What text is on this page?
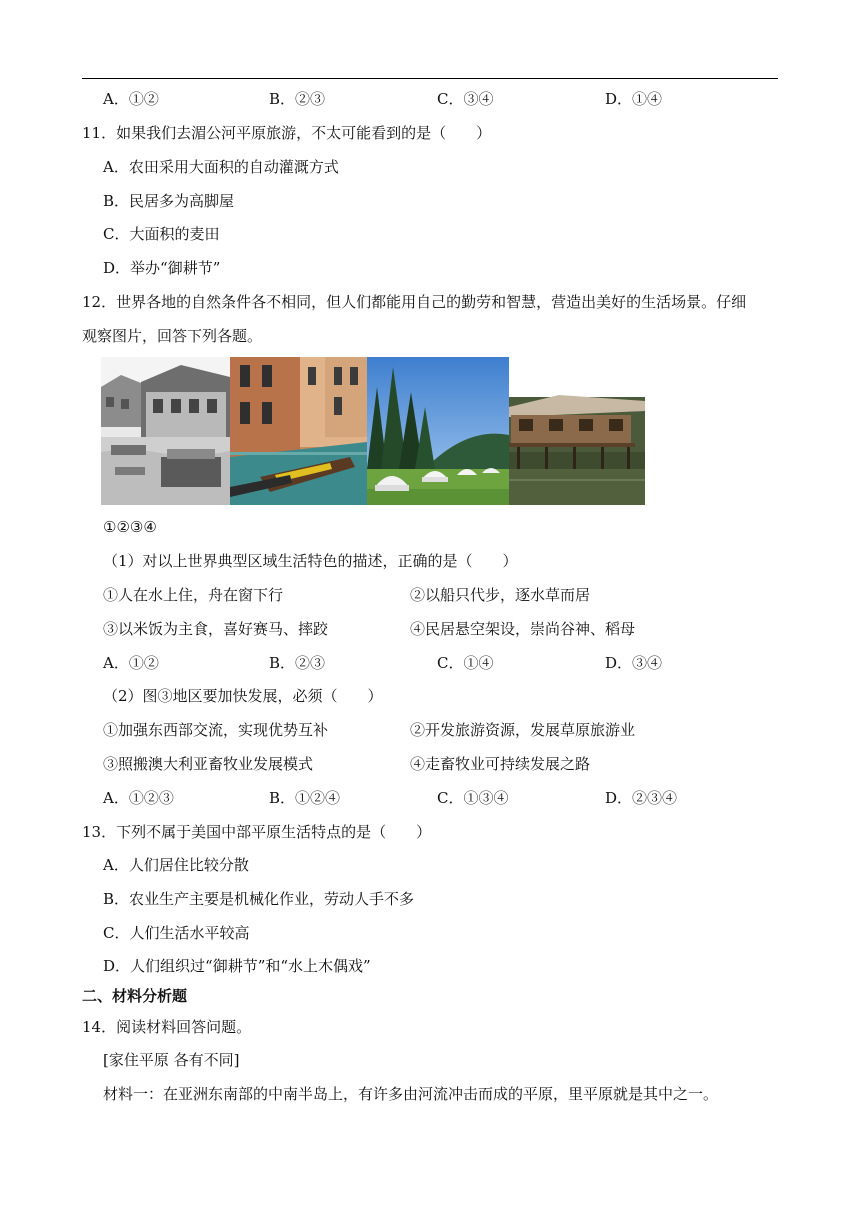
A．①②	B．②③	C．③④	D．①④
11．如果我们去湄公河平原旅游，不太可能看到的是（　　）
A．农田采用大面积的自动灌溉方式
B．民居多为高脚屋
C．大面积的麦田
D．举办“御耕节”
12．世界各地的自然条件各不相同，但人们都能用自己的勤劳和智慧，营造出美好的生活场景。仔细
观察图片，回答下列各题。
①②③④
（1）对以上世界典型区域生活特色的描述，正确的是（　　）
①人在水上住，舟在窗下行	②以船只代步，逐水草而居
③以米饭为主食，喜好赛马、摔跤	④民居悬空架设，崇尚谷神、稻母
A．①②	B．②③	C．①④	D．③④
（2）图③地区要加快发展，必须（　　）
①加强东西部交流，实现优势互补	②开发旅游资源，发展草原旅游业
③照搬澳大利亚畜牧业发展模式	④走畜牧业可持续发展之路
A．①②③	B．①②④	C．①③④	D．②③④
13．下列不属于美国中部平原生活特点的是（　　）
A．人们居住比较分散
B．农业生产主要是机械化作业，劳动人手不多
C．人们生活水平较高
D．人们组织过“御耕节”和“水上木偶戏”
二、材料分析题
14．阅读材料回答问题。
[家住平原 各有不同]
材料一：在亚洲东南部的中南半岛上，有许多由河流冲击而成的平原，里平原就是其中之一。
